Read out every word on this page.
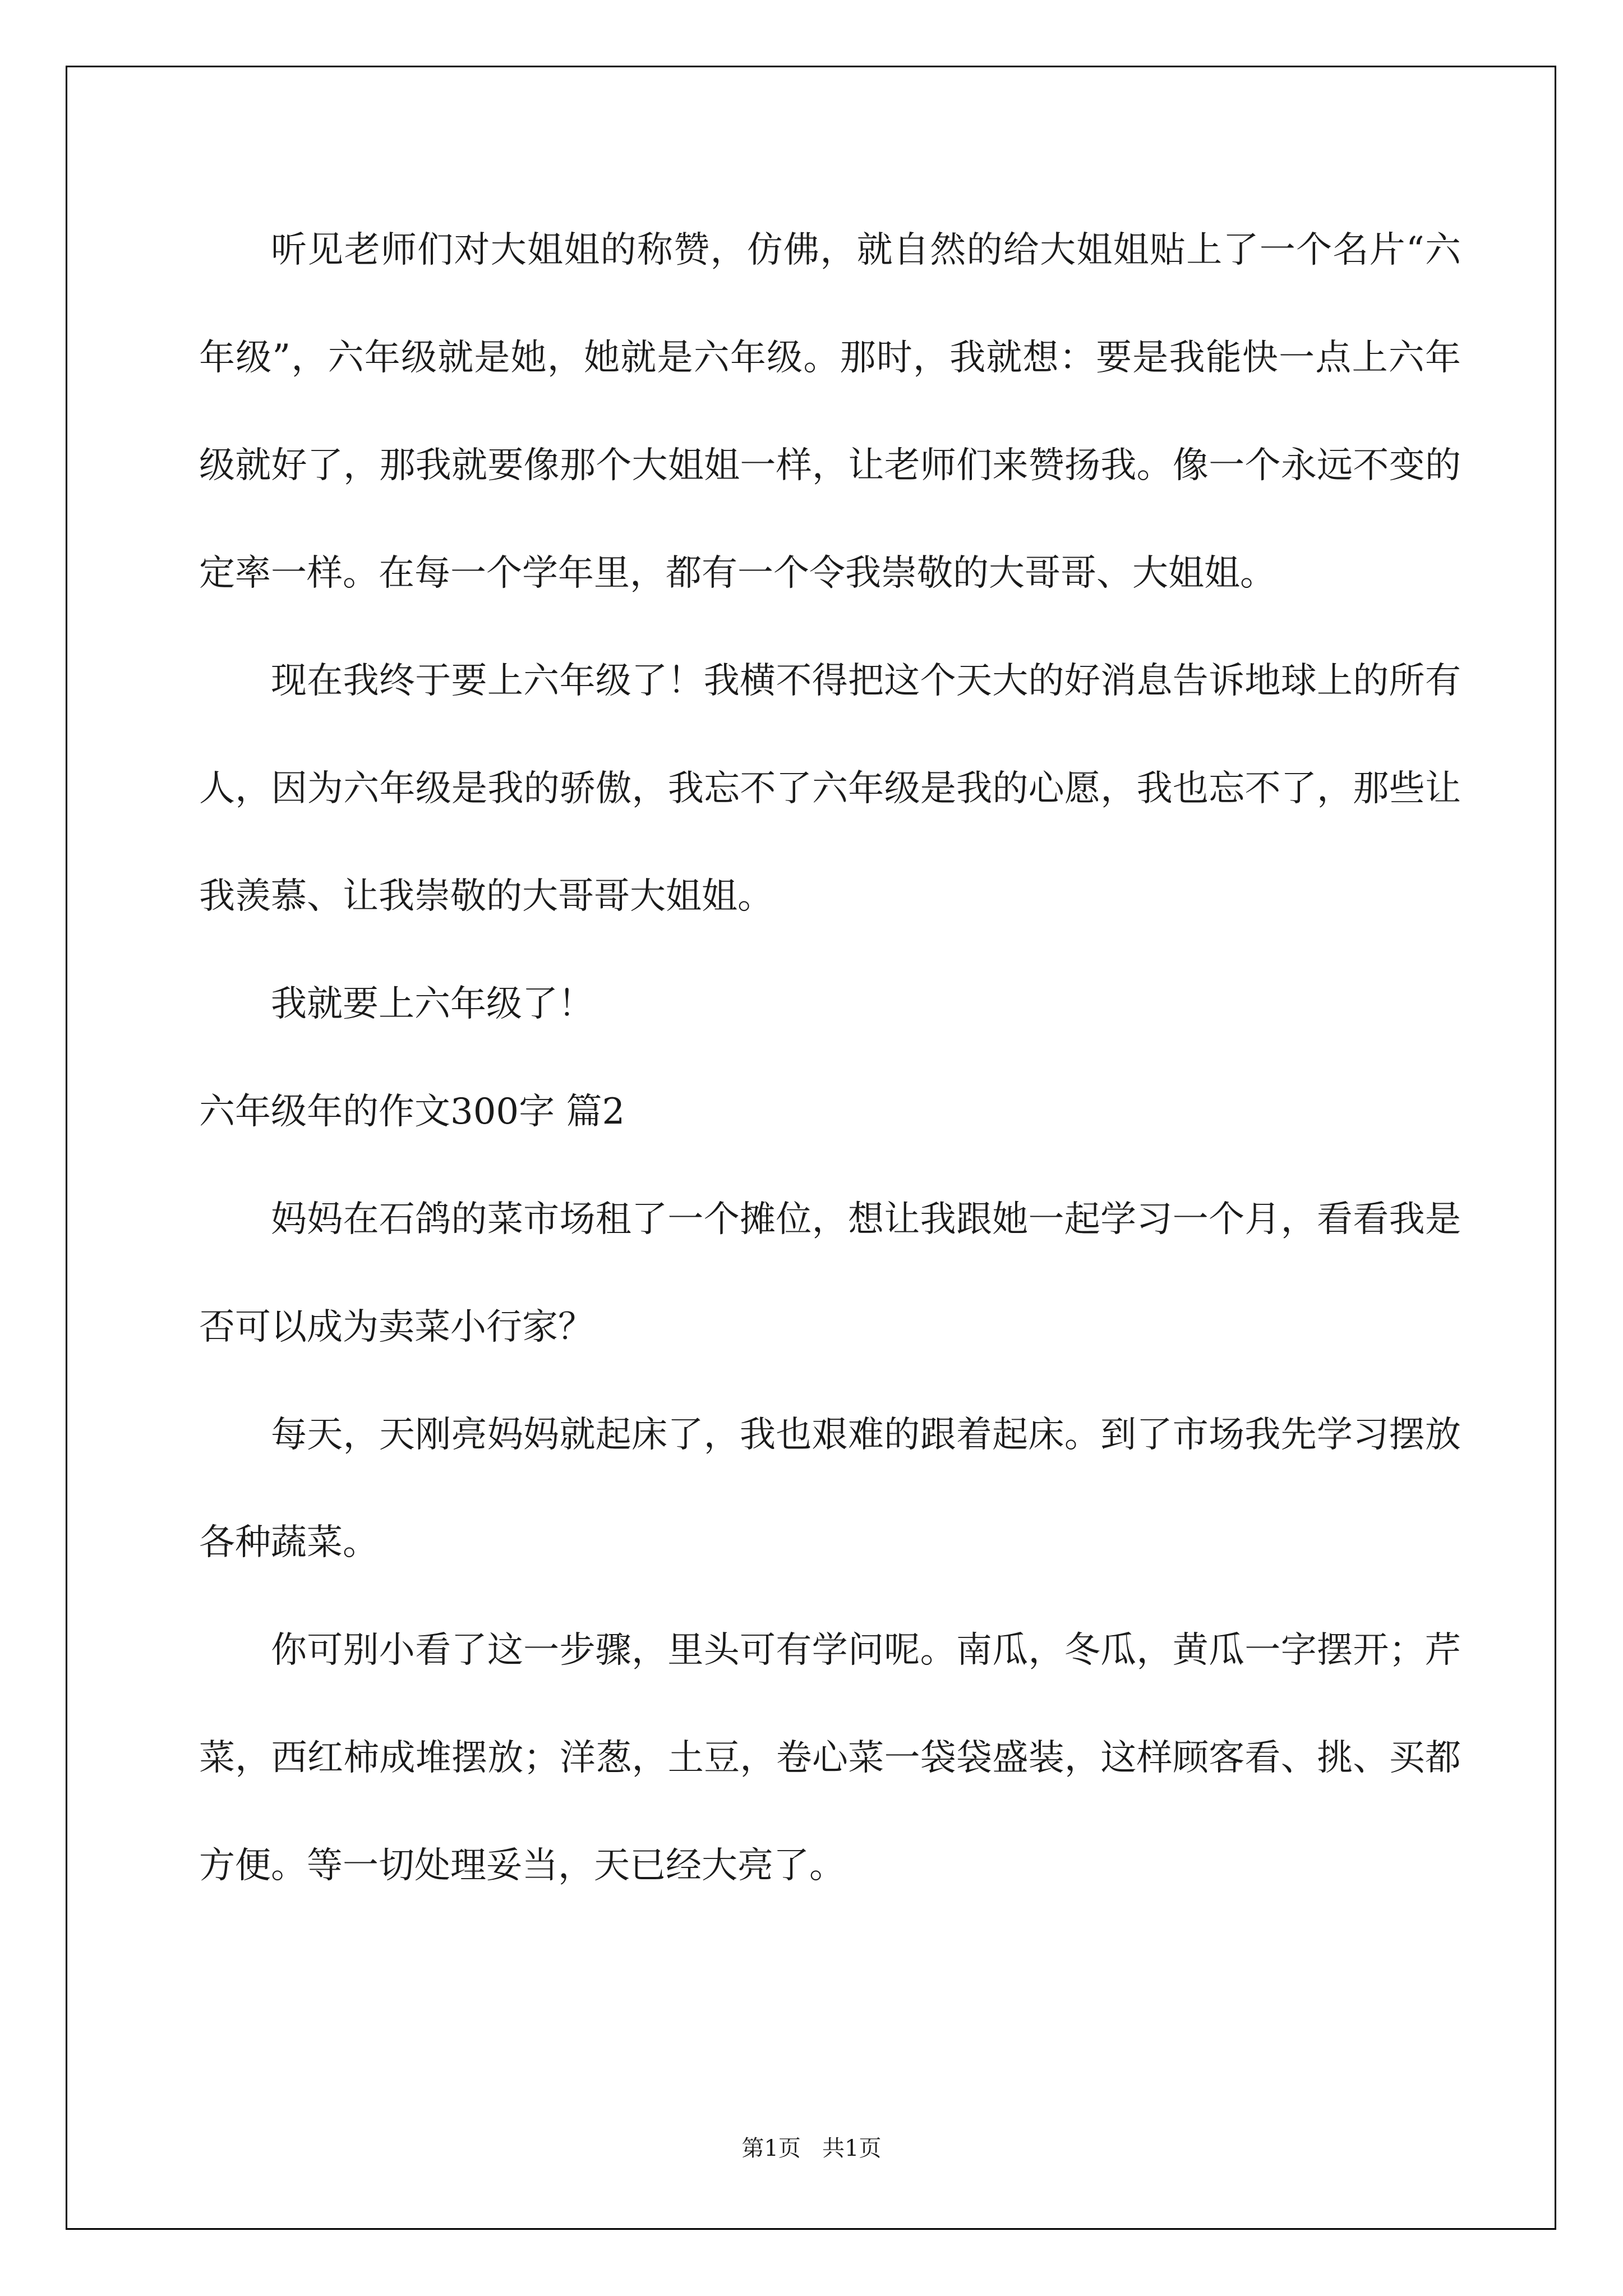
听见老师们对大姐姐的称赞，仿佛，就自然的给大姐姐贴上了一个名片“六年级”，六年级就是她，她就是六年级。那时，我就想：要是我能快一点上六年级就好了，那我就要像那个大姐姐一样，让老师们来赞扬我。像一个永远不变的定率一样。在每一个学年里，都有一个令我崇敬的大哥哥、大姐姐。

现在我终于要上六年级了！我横不得把这个天大的好消息告诉地球上的所有人，因为六年级是我的骄傲，我忘不了六年级是我的心愿，我也忘不了，那些让我羡慕、让我崇敬的大哥哥大姐姐。

我就要上六年级了！

六年级年的作文300字 篇2

妈妈在石鸽的菜市场租了一个摊位，想让我跟她一起学习一个月，看看我是否可以成为卖菜小行家？

每天，天刚亮妈妈就起床了，我也艰难的跟着起床。到了市场我先学习摆放各种蔬菜。

你可别小看了这一步骤，里头可有学问呢。南瓜，冬瓜，黄瓜一字摆开；芹菜，西红柿成堆摆放；洋葱，土豆，卷心菜一袋袋盛装，这样顾客看、挑、买都方便。等一切处理妥当，天已经大亮了。

第1页   共1页
